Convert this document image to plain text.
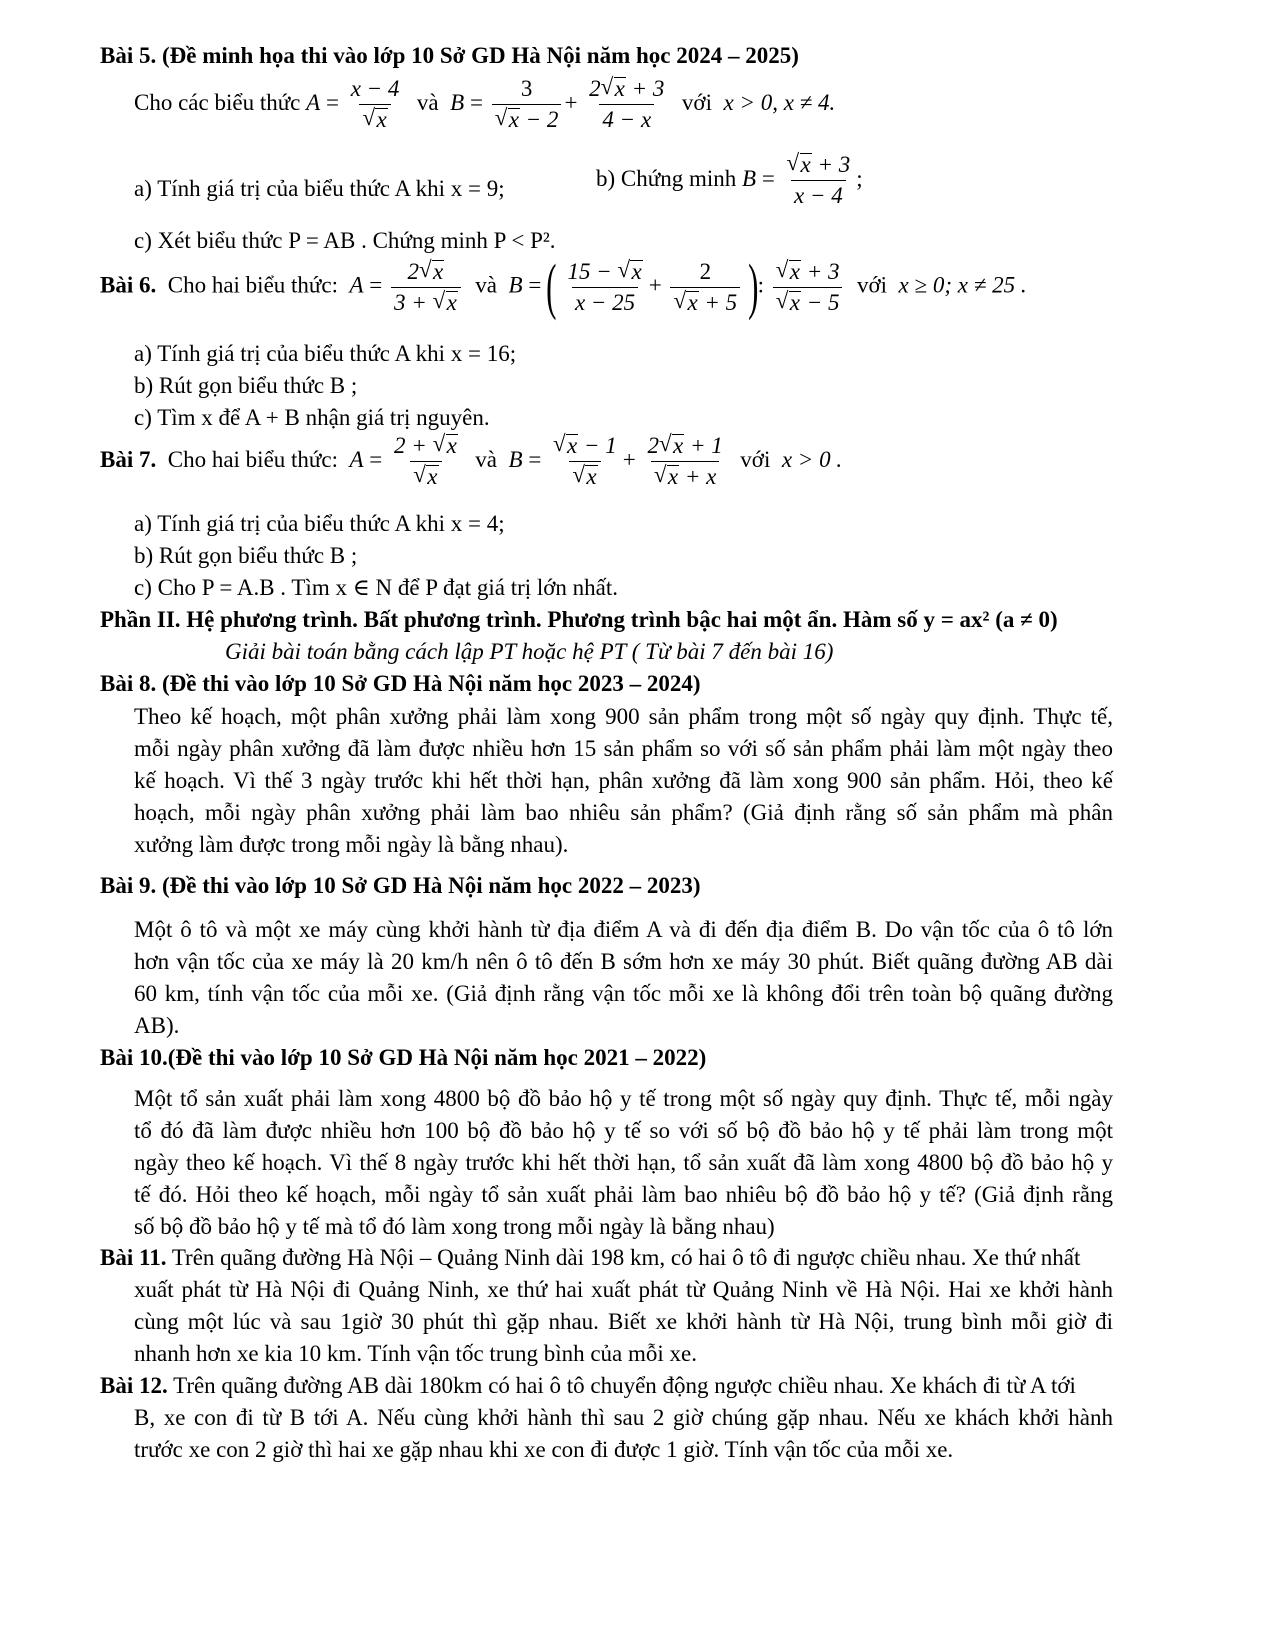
Bài 5. (Đề minh họa thi vào lớp 10 Sở GD Hà Nội năm học 2024 – 2025)
Cho các biểu thức A = x − 4
√ x và B = 3
√ $x - 2 + \frac{2 √ x + 3}{4 - x}$ với x > 0, x ≠ 4.
a) Tính giá trị của biểu thức A khi x = 9;	b) Chứng minh B = √ $\frac{x + 3}{x - 4}$ ;
c) Xét biểu thức P = AB . Chứng minh P < P².
Bài 6. Cho hai biểu thức: $A = \frac{2 √ x}{3 + √ x}$ và B = ( $\frac{15 - √ x}{x - 25} + 2$
√ x + 5 ): √ x + 3
√ x − 5 với x ≥ 0; x ≠ 25 .
a) Tính giá trị của biểu thức A khi x = 16;
b) Rút gọn biểu thức B ;
c) Tìm x để A + B nhận giá trị nguyên.
Bài 7. Cho hai biểu thức: A = 2 + √ x
√ x và B = √ x − 1
√ x + 2 √ x + 1
√ x + x với x > 0 .
a) Tính giá trị của biểu thức A khi x = 4;
b) Rút gọn biểu thức B ;
c) Cho P = A.B . Tìm x ∈ N để P đạt giá trị lớn nhất.
Phần II. Hệ phương trình. Bất phương trình. Phương trình bậc hai một ẩn. Hàm số y = ax² (a ≠ 0)
Giải bài toán bằng cách lập PT hoặc hệ PT ( Từ bài 7 đến bài 16)
Bài 8. (Đề thi vào lớp 10 Sở GD Hà Nội năm học 2023 – 2024)
Theo kế hoạch, một phân xưởng phải làm xong 900 sản phẩm trong một số ngày quy định. Thực tế,
mỗi ngày phân xưởng đã làm được nhiều hơn 15 sản phẩm so với số sản phẩm phải làm một ngày theo
kế hoạch. Vì thế 3 ngày trước khi hết thời hạn, phân xưởng đã làm xong 900 sản phẩm. Hỏi, theo kế
hoạch, mỗi ngày phân xưởng phải làm bao nhiêu sản phẩm? (Giả định rằng số sản phẩm mà phân
xưởng làm được trong mỗi ngày là bằng nhau).
Bài 9. (Đề thi vào lớp 10 Sở GD Hà Nội năm học 2022 – 2023)
Một ô tô và một xe máy cùng khởi hành từ địa điểm A và đi đến địa điểm B. Do vận tốc của ô tô lớn
hơn vận tốc của xe máy là 20 km/h nên ô tô đến B sớm hơn xe máy 30 phút. Biết quãng đường AB dài
60 km, tính vận tốc của mỗi xe. (Giả định rằng vận tốc mỗi xe là không đổi trên toàn bộ quãng đường
AB).
Bài 10.(Đề thi vào lớp 10 Sở GD Hà Nội năm học 2021 – 2022)
Một tổ sản xuất phải làm xong 4800 bộ đồ bảo hộ y tế trong một số ngày quy định. Thực tế, mỗi ngày
tổ đó đã làm được nhiều hơn 100 bộ đồ bảo hộ y tế so với số bộ đồ bảo hộ y tế phải làm trong một
ngày theo kế hoạch. Vì thế 8 ngày trước khi hết thời hạn, tổ sản xuất đã làm xong 4800 bộ đồ bảo hộ y
tế đó. Hỏi theo kế hoạch, mỗi ngày tổ sản xuất phải làm bao nhiêu bộ đồ bảo hộ y tế? (Giả định rằng
số bộ đồ bảo hộ y tế mà tổ đó làm xong trong mỗi ngày là bằng nhau)
Bài 11. Trên quãng đường Hà Nội – Quảng Ninh dài 198 km, có hai ô tô đi ngược chiều nhau. Xe thứ nhất
xuất phát từ Hà Nội đi Quảng Ninh, xe thứ hai xuất phát từ Quảng Ninh về Hà Nội. Hai xe khởi hành
cùng một lúc và sau 1giờ 30 phút thì gặp nhau. Biết xe khởi hành từ Hà Nội, trung bình mỗi giờ đi
nhanh hơn xe kia 10 km. Tính vận tốc trung bình của mỗi xe.
Bài 12. Trên quãng đường AB dài 180km có hai ô tô chuyển động ngược chiều nhau. Xe khách đi từ A tới
B, xe con đi từ B tới A. Nếu cùng khởi hành thì sau 2 giờ chúng gặp nhau. Nếu xe khách khởi hành
trước xe con 2 giờ thì hai xe gặp nhau khi xe con đi được 1 giờ. Tính vận tốc của mỗi xe.
